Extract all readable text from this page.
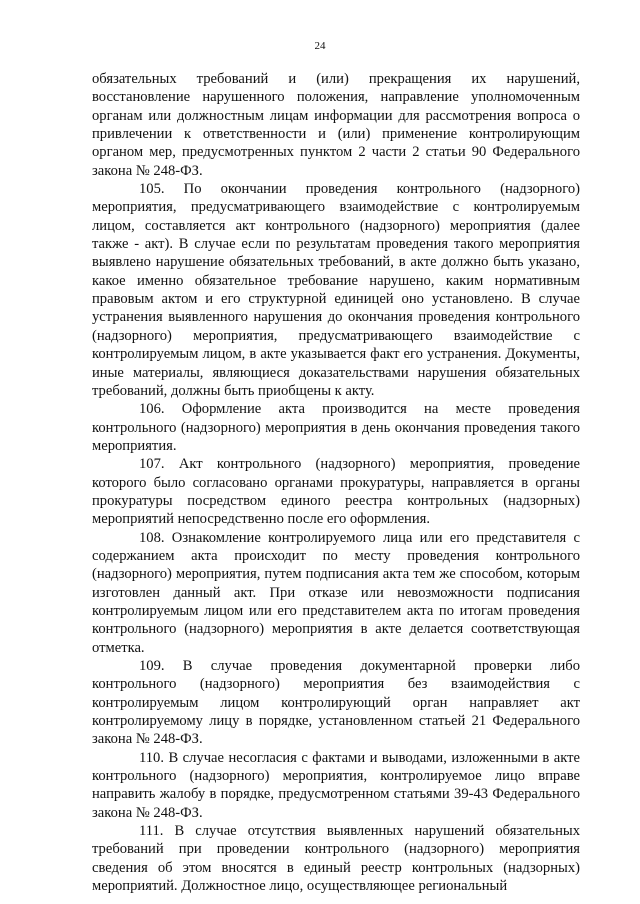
24

обязательных требований и (или) прекращения их нарушений, восстановление нарушенного положения, направление уполномоченным органам или должностным лицам информации для рассмотрения вопроса о привлечении к ответственности и (или) применение контролирующим органом мер, предусмотренных пунктом 2 части 2 статьи 90 Федерального закона № 248-ФЗ.

105. По окончании проведения контрольного (надзорного) мероприятия, предусматривающего взаимодействие с контролируемым лицом, составляется акт контрольного (надзорного) мероприятия (далее также - акт). В случае если по результатам проведения такого мероприятия выявлено нарушение обязательных требований, в акте должно быть указано, какое именно обязательное требование нарушено, каким нормативным правовым актом и его структурной единицей оно установлено. В случае устранения выявленного нарушения до окончания проведения контрольного (надзорного) мероприятия, предусматривающего взаимодействие с контролируемым лицом, в акте указывается факт его устранения. Документы, иные материалы, являющиеся доказательствами нарушения обязательных требований, должны быть приобщены к акту.

106. Оформление акта производится на месте проведения контрольного (надзорного) мероприятия в день окончания проведения такого мероприятия.

107. Акт контрольного (надзорного) мероприятия, проведение которого было согласовано органами прокуратуры, направляется в органы прокуратуры посредством единого реестра контрольных (надзорных) мероприятий непосредственно после его оформления.

108. Ознакомление контролируемого лица или его представителя с содержанием акта происходит по месту проведения контрольного (надзорного) мероприятия, путем подписания акта тем же способом, которым изготовлен данный акт. При отказе или невозможности подписания контролируемым лицом или его представителем акта по итогам проведения контрольного (надзорного) мероприятия в акте делается соответствующая отметка.

109. В случае проведения документарной проверки либо контрольного (надзорного) мероприятия без взаимодействия с контролируемым лицом контролирующий орган направляет акт контролируемому лицу в порядке, установленном статьей 21 Федерального закона № 248-ФЗ.

110. В случае несогласия с фактами и выводами, изложенными в акте контрольного (надзорного) мероприятия, контролируемое лицо вправе направить жалобу в порядке, предусмотренном статьями 39-43 Федерального закона № 248-ФЗ.

111. В случае отсутствия выявленных нарушений обязательных требований при проведении контрольного (надзорного) мероприятия сведения об этом вносятся в единый реестр контрольных (надзорных) мероприятий. Должностное лицо, осуществляющее региональный
